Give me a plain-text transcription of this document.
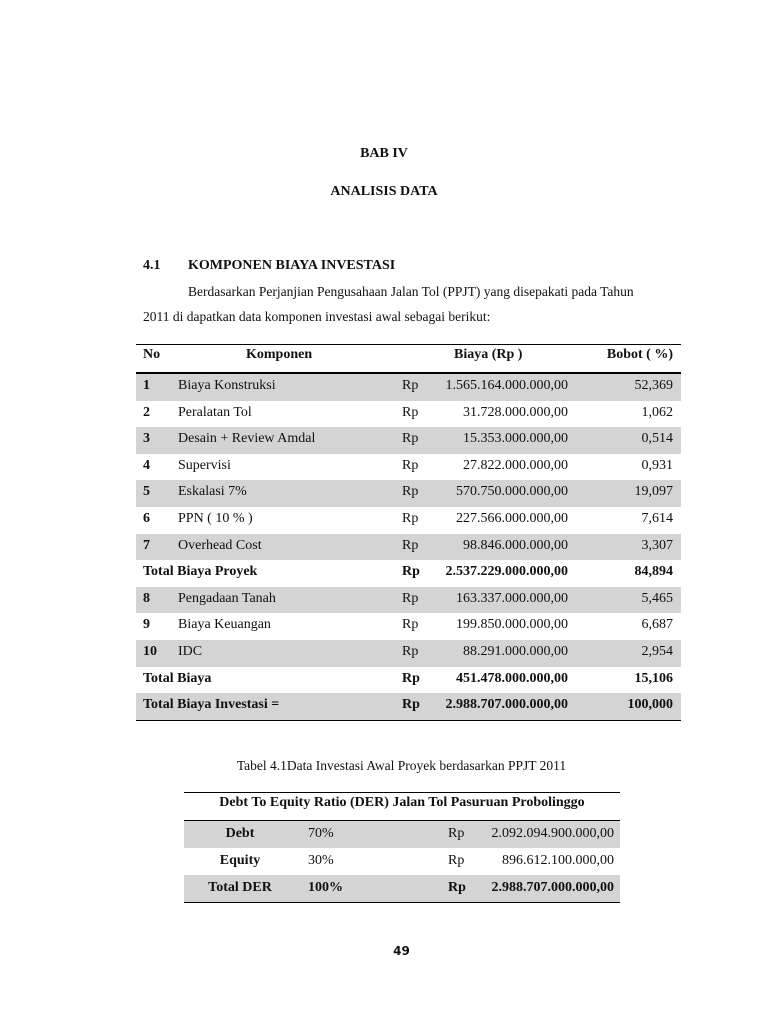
BAB IV
ANALISIS DATA
4.1 KOMPONEN BIAYA INVESTASI
Berdasarkan Perjanjian Pengusahaan Jalan Tol (PPJT) yang disepakati pada Tahun
2011 di dapatkan data komponen investasi awal sebagai berikut:
No	Komponen	Biaya (Rp )	Bobot ( %)
1 Biaya Konstruksi	Rp 1.565.164.000.000,00	52,369
2 Peralatan Tol	Rp	31.728.000.000,00	1,062
3 Desain + Review Amdal	Rp	15.353.000.000,00	0,514
4 Supervisi	Rp	27.822.000.000,00	0,931
5 Eskalasi 7%	Rp	570.750.000.000,00	19,097
6 PPN ( 10 % )	Rp	227.566.000.000,00	7,614
7 Overhead Cost	Rp	98.846.000.000,00	3,307
Total Biaya Proyek	Rp 2.537.229.000.000,00	84,894
8 Pengadaan Tanah	Rp	163.337.000.000,00	5,465
9 Biaya Keuangan	Rp	199.850.000.000,00	6,687
10 IDC	Rp	88.291.000.000,00	2,954
Total Biaya	Rp	451.478.000.000,00	15,106
Total Biaya Investasi =	Rp 2.988.707.000.000,00	100,000
Tabel 4.1Data Investasi Awal Proyek berdasarkan PPJT 2011
Debt To Equity Ratio (DER) Jalan Tol Pasuruan Probolinggo
Debt	70%	Rp 2.092.094.900.000,00
Equity	30%	Rp	896.612.100.000,00
Total DER	100%	Rp 2.988.707.000.000,00
49
